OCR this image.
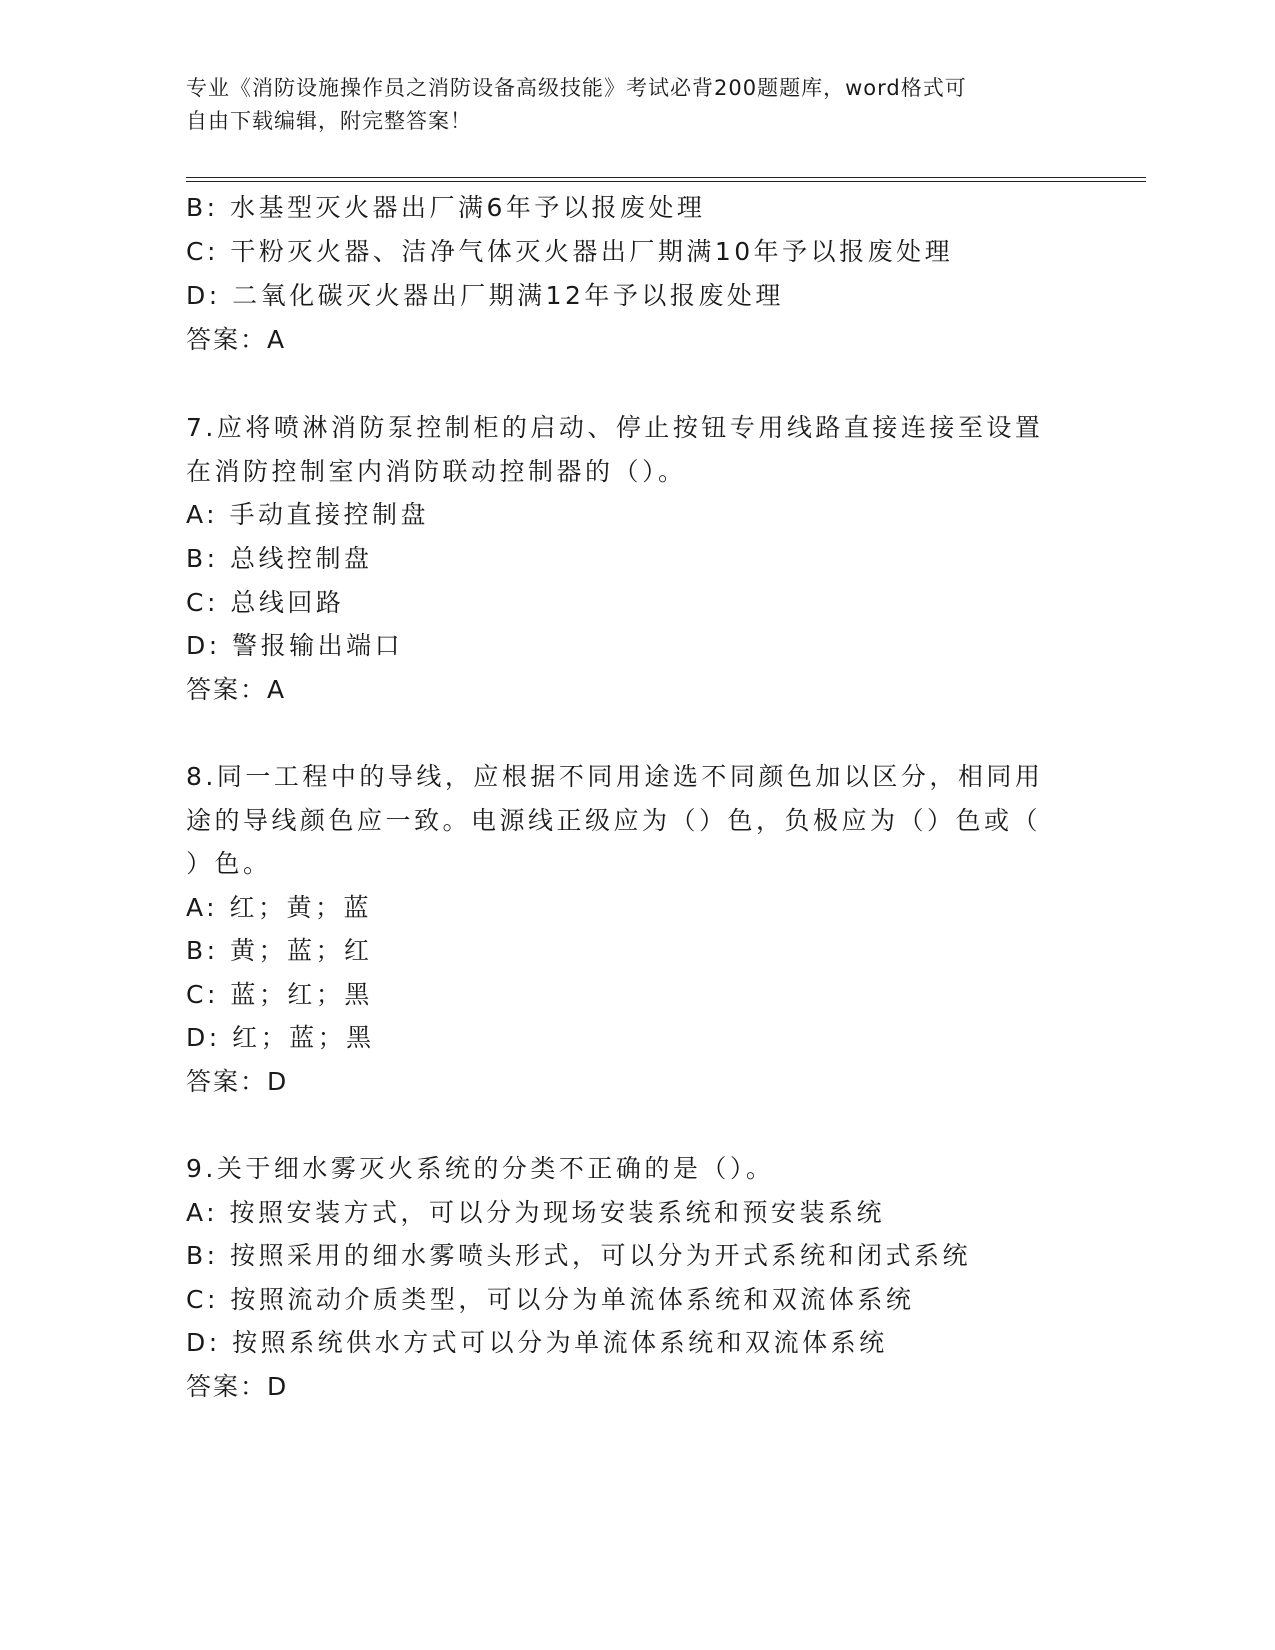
专业《消防设施操作员之消防设备高级技能》考试必背200题题库，word格式可
自由下载编辑，附完整答案！
B: 水基型灭火器出厂满6年予以报废处理
C: 干粉灭火器、洁净气体灭火器出厂期满10年予以报废处理
D: 二氧化碳灭火器出厂期满12年予以报废处理
答案：A
7.应将喷淋消防泵控制柜的启动、停止按钮专用线路直接连接至设置
在消防控制室内消防联动控制器的（）。
A: 手动直接控制盘
B: 总线控制盘
C: 总线回路
D: 警报输出端口
答案：A
8.同一工程中的导线，应根据不同用途选不同颜色加以区分，相同用
途的导线颜色应一致。电源线正级应为（）色，负极应为（）色或（
）色。
A: 红；黄；蓝
B: 黄；蓝；红
C: 蓝；红；黑
D: 红；蓝；黑
答案：D
9.关于细水雾灭火系统的分类不正确的是（）。
A: 按照安装方式，可以分为现场安装系统和预安装系统
B: 按照采用的细水雾喷头形式，可以分为开式系统和闭式系统
C: 按照流动介质类型，可以分为单流体系统和双流体系统
D: 按照系统供水方式可以分为单流体系统和双流体系统
答案：D
